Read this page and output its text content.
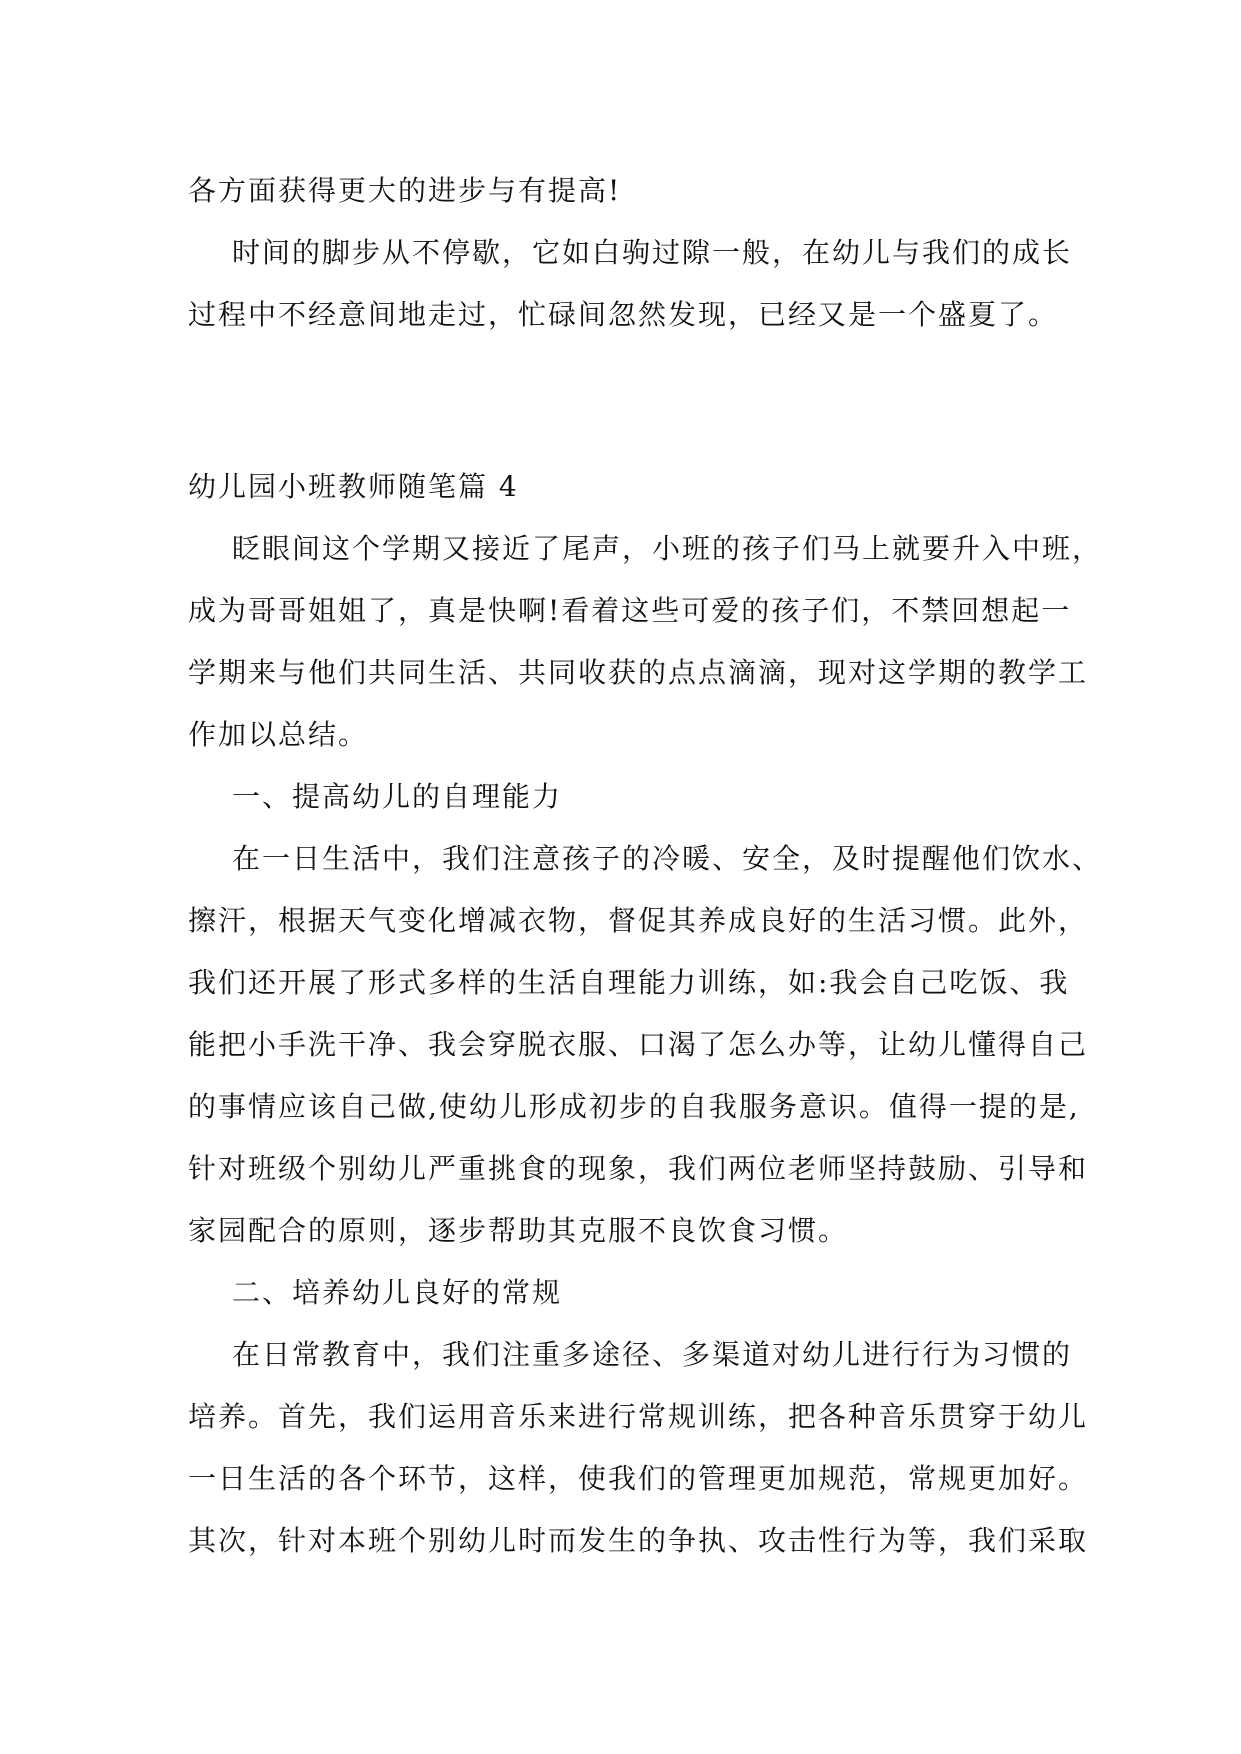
各方面获得更大的进步与有提高!
时间的脚步从不停歇，它如白驹过隙一般，在幼儿与我们的成长
过程中不经意间地走过，忙碌间忽然发现，已经又是一个盛夏了。
幼儿园小班教师随笔篇 4
眨眼间这个学期又接近了尾声，小班的孩子们马上就要升入中班，
成为哥哥姐姐了，真是快啊!看着这些可爱的孩子们，不禁回想起一
学期来与他们共同生活、共同收获的点点滴滴，现对这学期的教学工
作加以总结。
一、提高幼儿的自理能力
在一日生活中，我们注意孩子的冷暖、安全，及时提醒他们饮水、
擦汗，根据天气变化增减衣物，督促其养成良好的生活习惯。此外，
我们还开展了形式多样的生活自理能力训练，如:我会自己吃饭、我
能把小手洗干净、我会穿脱衣服、口渴了怎么办等，让幼儿懂得自己
的事情应该自己做,使幼儿形成初步的自我服务意识。值得一提的是,
针对班级个别幼儿严重挑食的现象，我们两位老师坚持鼓励、引导和
家园配合的原则，逐步帮助其克服不良饮食习惯。
二、培养幼儿良好的常规
在日常教育中，我们注重多途径、多渠道对幼儿进行行为习惯的
培养。首先，我们运用音乐来进行常规训练，把各种音乐贯穿于幼儿
一日生活的各个环节，这样，使我们的管理更加规范，常规更加好。
其次，针对本班个别幼儿时而发生的争执、攻击性行为等，我们采取
